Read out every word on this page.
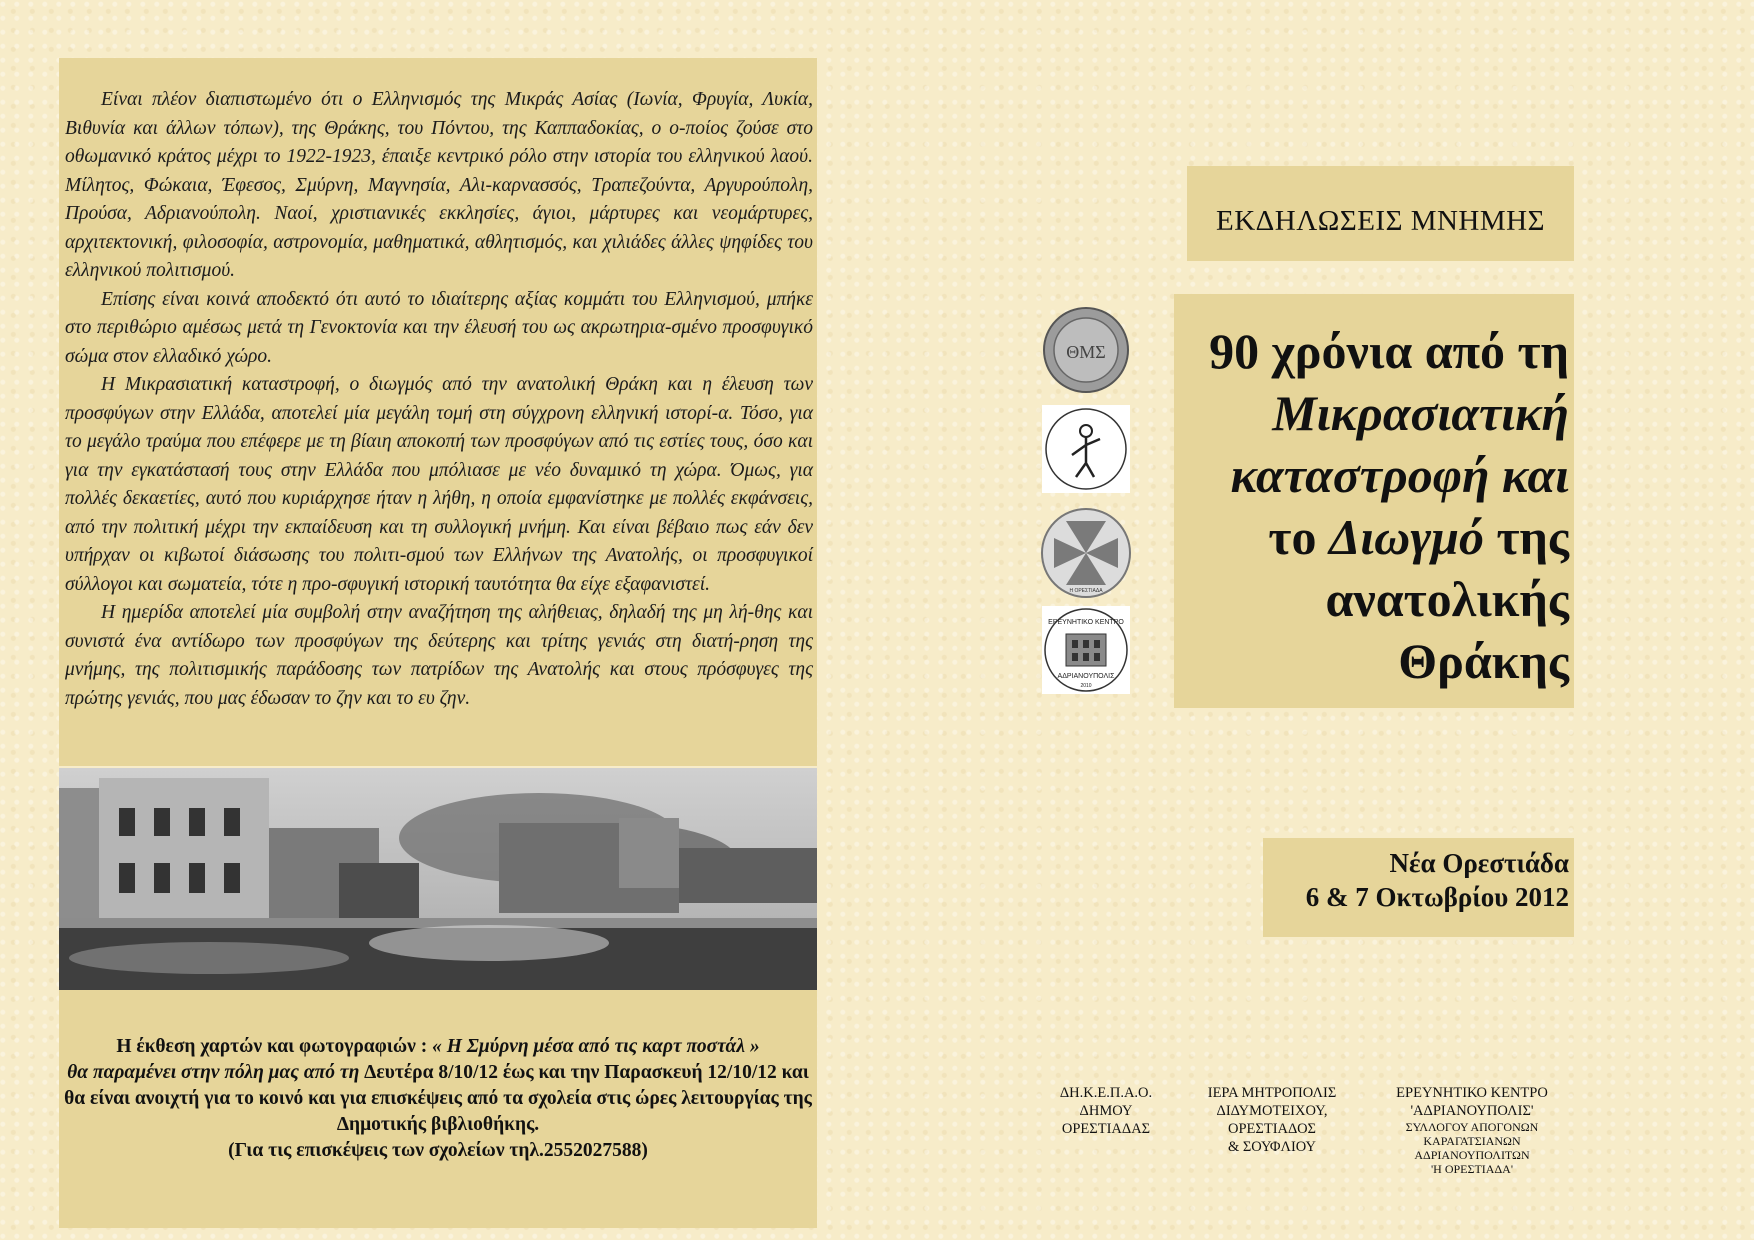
Είναι πλέον διαπιστωμένο ότι ο Ελληνισμός της Μικράς Ασίας (Ιωνία, Φρυγία, Λυκία, Βιθυνία και άλλων τόπων), της Θράκης, του Πόντου, της Καππαδοκίας, ο ο-ποίος ζούσε στο οθωμανικό κράτος μέχρι το 1922-1923, έπαιξε κεντρικό ρόλο στην ιστορία του ελληνικού λαού. Μίλητος, Φώκαια, Έφεσος, Σμύρνη, Μαγνησία, Αλι-καρνασσός, Τραπεζούντα, Αργυρούπολη, Προύσα, Αδριανούπολη. Ναοί, χριστιανικές εκκλησίες, άγιοι, μάρτυρες και νεομάρτυρες, αρχιτεκτονική, φιλοσοφία, αστρονομία, μαθηματικά, αθλητισμός, και χιλιάδες άλλες ψηφίδες του ελληνικού πολιτισμού.

Επίσης είναι κοινά αποδεκτό ότι αυτό το ιδιαίτερης αξίας κομμάτι του Ελληνισμού, μπήκε στο περιθώριο αμέσως μετά τη Γενοκτονία και την έλευσή του ως ακρωτηρια-σμένο προσφυγικό σώμα στον ελλαδικό χώρο.

Η Μικρασιατική καταστροφή, ο διωγμός από την ανατολική Θράκη και η έλευση των προσφύγων στην Ελλάδα, αποτελεί μία μεγάλη τομή στη σύγχρονη ελληνική ιστορί-α. Τόσο, για το μεγάλο τραύμα που επέφερε με τη βίαιη αποκοπή των προσφύγων από τις εστίες τους, όσο και για την εγκατάστασή τους στην Ελλάδα που μπόλιασε με νέο δυναμικό τη χώρα. Όμως, για πολλές δεκαετίες, αυτό που κυριάρχησε ήταν η λήθη, η οποία εμφανίστηκε με πολλές εκφάνσεις, από την πολιτική μέχρι την εκπαίδευση και τη συλλογική μνήμη. Και είναι βέβαιο πως εάν δεν υπήρχαν οι κιβωτοί διάσωσης του πολιτι-σμού των Ελλήνων της Ανατολής, οι προσφυγικοί σύλλογοι και σωματεία, τότε η προ-σφυγική ιστορική ταυτότητα θα είχε εξαφανιστεί.

Η ημερίδα αποτελεί μία συμβολή στην αναζήτηση της αλήθειας, δηλαδή της μη λή-θης και συνιστά ένα αντίδωρο των προσφύγων της δεύτερης και τρίτης γενιάς στη διατή-ρηση της μνήμης, της πολιτισμικής παράδοσης των πατρίδων της Ανατολής και στους πρόσφυγες της πρώτης γενιάς, που μας έδωσαν το ζην και το ευ ζην.

Η έκθεση χαρτών και φωτογραφιών : « Η Σμύρνη μέσα από τις καρτ ποστάλ »
θα παραμένει στην πόλη μας από τη Δευτέρα 8/10/12 έως και την Παρασκευή 12/10/12 και θα είναι ανοιχτή για το κοινό και για επισκέψεις από τα σχολεία στις ώρες λειτουργίας της Δημοτικής βιβλιοθήκης.
(Για τις επισκέψεις των σχολείων τηλ.2552027588)
ΕΚΔΗΛΩΣΕΙΣ ΜΝΗΜΗΣ
90 χρόνια από τη
Μικρασιατική
καταστροφή και
το Διωγμό της
ανατολικής
Θράκης
Νέα Ορεστιάδα
6 & 7 Οκτωβρίου 2012
ΘΜΣ
Η ΟΡΕΣΤΙΑΔΑ
ΕΡΕΥΝΗΤΙΚΟ ΚΕΝΤΡΟ
ΑΔΡΙΑΝΟΥΠΟΛΙΣ
2010
ΔΗ.Κ.Ε.Π.Α.Ο.
ΔΗΜΟΥ
ΟΡΕΣΤΙΑΔΑΣ
ΙΕΡΑ ΜΗΤΡΟΠΟΛΙΣ
ΔΙΔΥΜΟΤΕΙΧΟΥ,
ΟΡΕΣΤΙΑΔΟΣ
& ΣΟΥΦΛΙΟΥ
ΕΡΕΥΝΗΤΙΚΟ ΚΕΝΤΡΟ
'ΑΔΡΙΑΝΟΥΠΟΛΙΣ'
ΣΥΛΛΟΓΟΥ ΑΠΟΓΟΝΩΝ
ΚΑΡΑΓΑΤΣΙΑΝΩΝ
ΑΔΡΙΑΝΟΥΠΟΛΙΤΩΝ
'Η ΟΡΕΣΤΙΑΔΑ'
